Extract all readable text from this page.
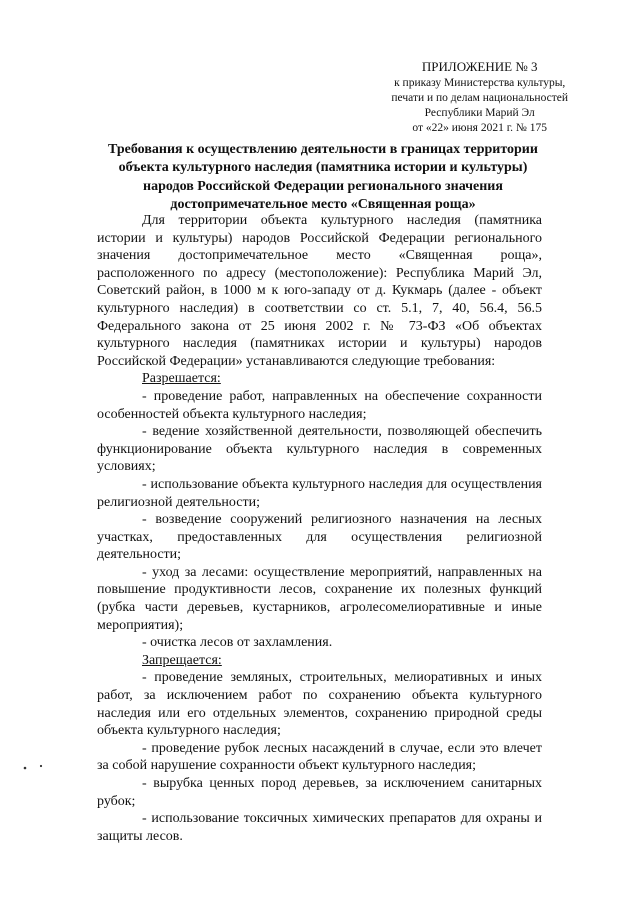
ПРИЛОЖЕНИЕ № 3
к приказу Министерства культуры,
печати и по делам национальностей
Республики Марий Эл
от «22» июня 2021 г. № 175
Требования к осуществлению деятельности в границах территории
объекта культурного наследия (памятника истории и культуры)
народов Российской Федерации регионального значения
достопримечательное место «Священная роща»

Для территории объекта культурного наследия (памятника истории и культуры) народов Российской Федерации регионального значения достопримечательное место «Священная роща», расположенного по адресу (местоположение): Республика Марий Эл, Советский район, в 1000 м к юго-западу от д. Кукмарь (далее - объект культурного наследия) в соответствии со ст. 5.1, 7, 40, 56.4, 56.5 Федерального закона от 25 июня 2002 г. № 73-ФЗ «Об объектах культурного наследия (памятниках истории и культуры) народов Российской Федерации» устанавливаются следующие требования:

Разрешается:

- проведение работ, направленных на обеспечение сохранности особенностей объекта культурного наследия;

- ведение хозяйственной деятельности, позволяющей обеспечить функционирование объекта культурного наследия в современных условиях;

- использование объекта культурного наследия для осуществления религиозной деятельности;

- возведение сооружений религиозного назначения на лесных участках, предоставленных для осуществления религиозной деятельности;

- уход за лесами: осуществление мероприятий, направленных на повышение продуктивности лесов, сохранение их полезных функций (рубка части деревьев, кустарников, агролесомелиоративные и иные мероприятия);

- очистка лесов от захламления.

Запрещается:

- проведение земляных, строительных, мелиоративных и иных работ, за исключением работ по сохранению объекта культурного наследия или его отдельных элементов, сохранению природной среды объекта культурного наследия;

- проведение рубок лесных насаждений в случае, если это влечет за собой нарушение сохранности объект культурного наследия;

- вырубка ценных пород деревьев, за исключением санитарных рубок;

- использование токсичных химических препаратов для охраны и защиты лесов.
